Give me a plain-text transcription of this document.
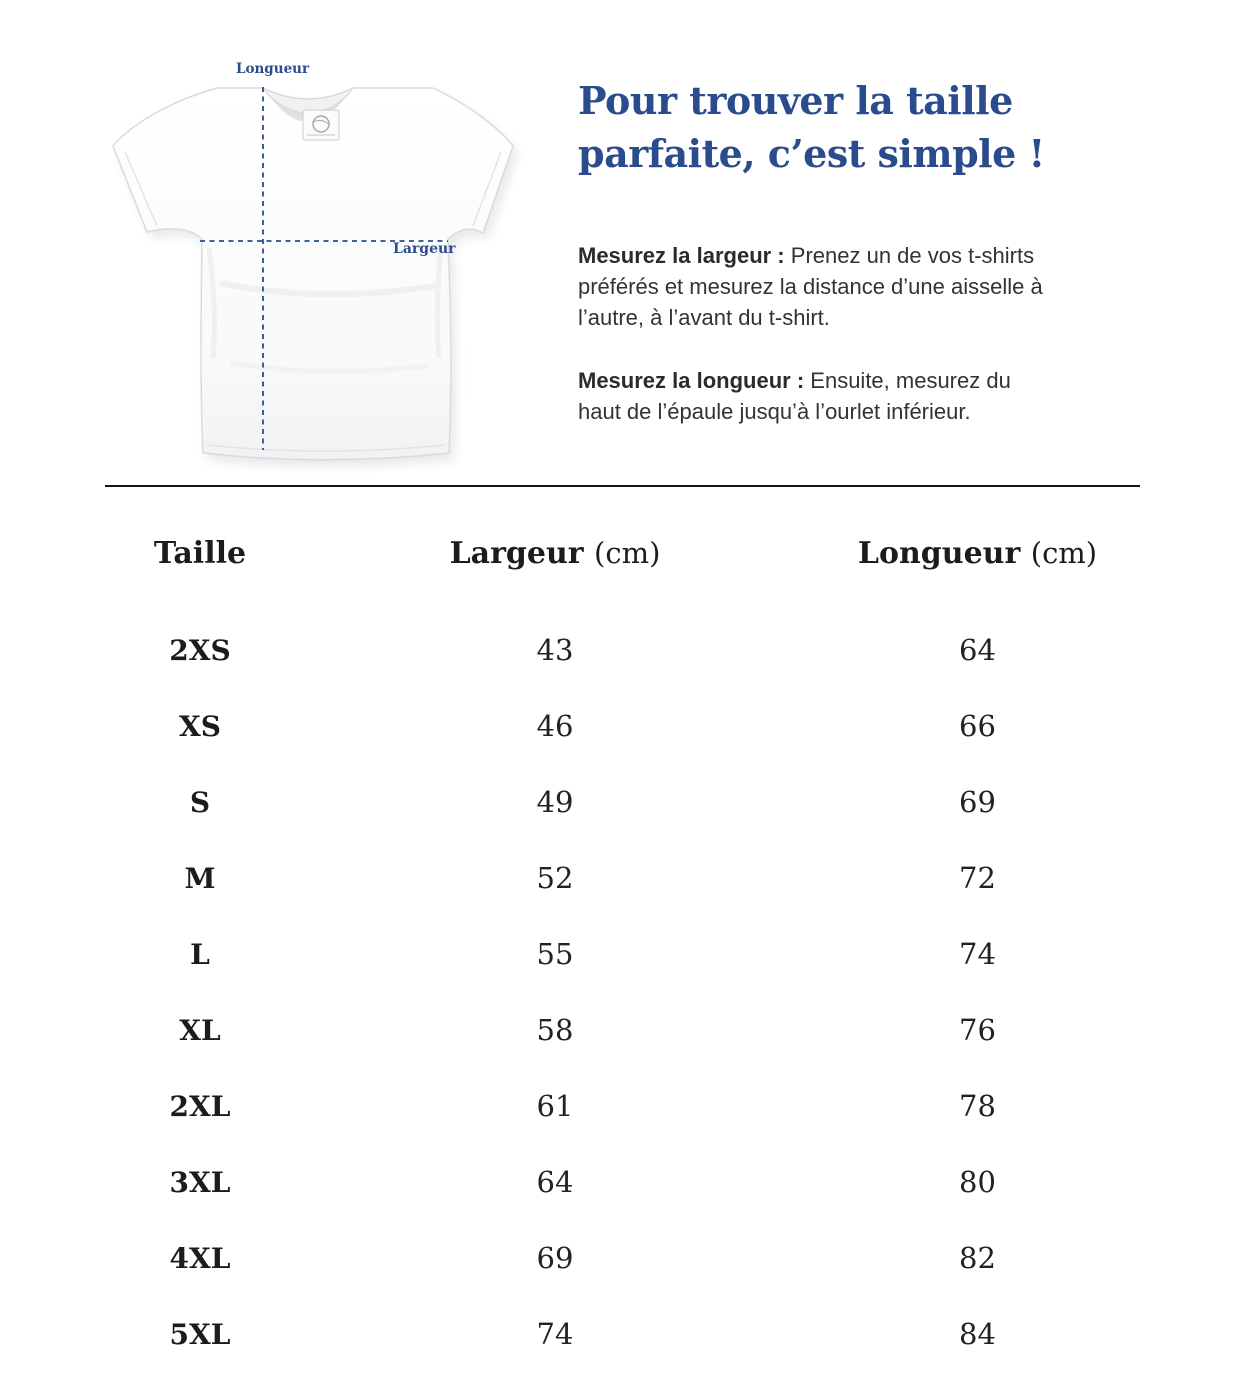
Longueur
Largeur
Pour trouver la taille
parfaite, c’est simple !

Mesurez la largeur : Prenez un de vos t-shirts
préférés et mesurez la distance d’une aisselle à
l’autre, à l’avant du t-shirt.

Mesurez la longueur : Ensuite, mesurez du
haut de l’épaule jusqu’à l’ourlet inférieur.

Taille	Largeur (cm)	Longueur (cm)
2XS	43	64
XS	46	66
S	49	69
M	52	72
L	55	74
XL	58	76
2XL	61	78
3XL	64	80
4XL	69	82
5XL	74	84
